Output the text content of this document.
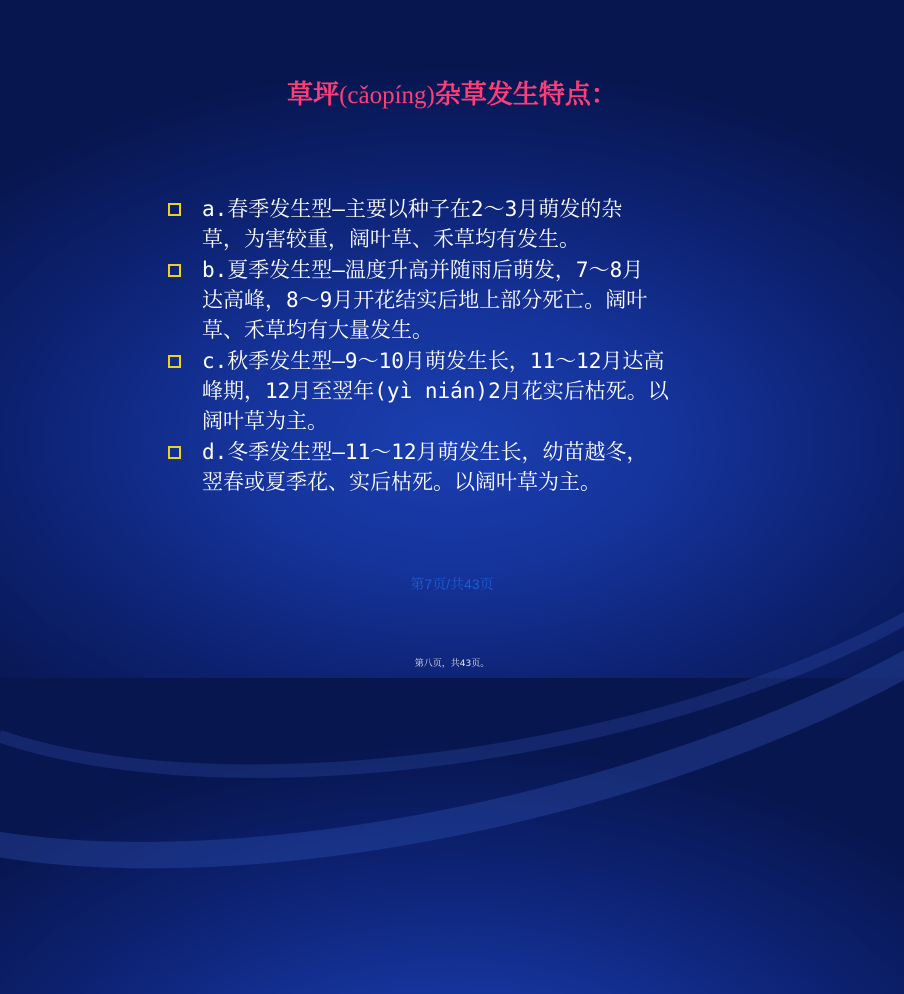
草坪(cǎopíng)杂草发生特点：
a.春季发生型—主要以种子在2～3月萌发的杂
草，为害较重，阔叶草、禾草均有发生。
b.夏季发生型—温度升高并随雨后萌发，7～8月
达高峰，8～9月开花结实后地上部分死亡。阔叶
草、禾草均有大量发生。
c.秋季发生型—9～10月萌发生长，11～12月达高
峰期，12月至翌年(yì nián)2月花实后枯死。以
阔叶草为主。
d.冬季发生型—11～12月萌发生长，幼苗越冬，
翌春或夏季花、实后枯死。以阔叶草为主。
第7页/共43页
第八页，共43页。
